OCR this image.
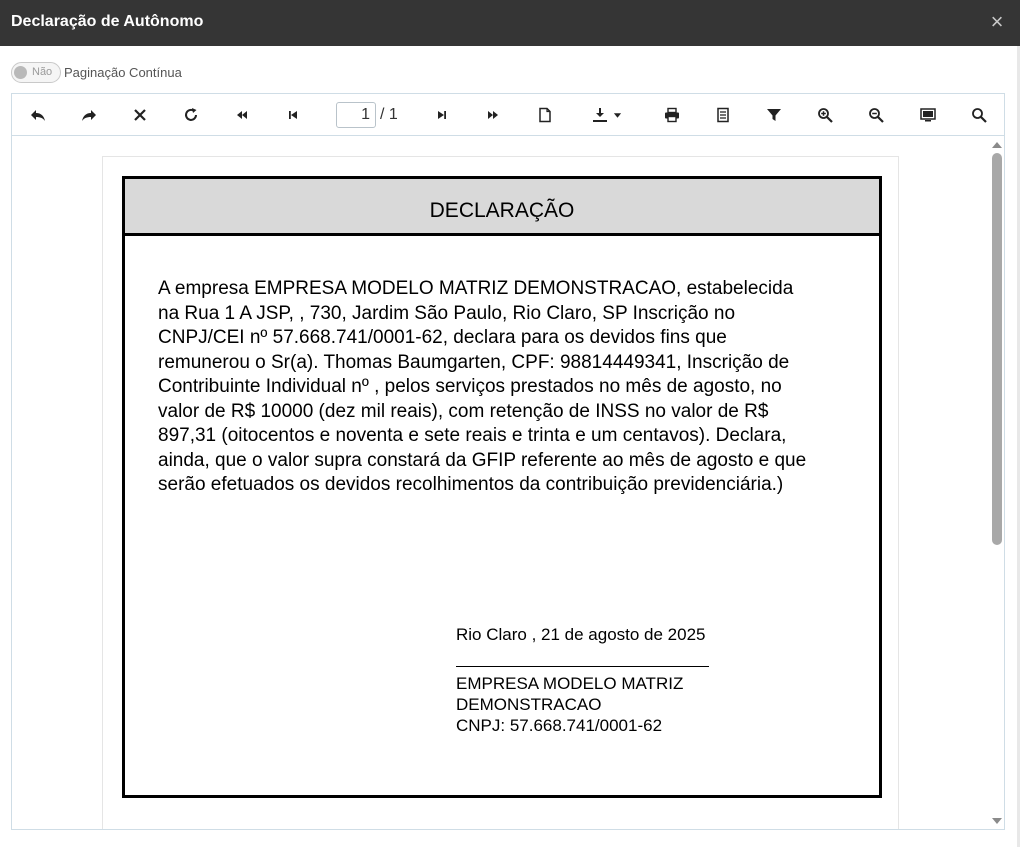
Declaração de Autônomo	×
Não Paginação Contínua
1
/ 1
DECLARAÇÃO
A empresa EMPRESA MODELO MATRIZ DEMONSTRACAO, estabelecida na Rua 1 A JSP, , 730, Jardim São Paulo, Rio Claro, SP Inscrição no CNPJ/CEI nº 57.668.741/0001-62, declara para os devidos fins que remunerou o Sr(a). Thomas Baumgarten, CPF: 98814449341, Inscrição de Contribuinte Individual nº , pelos serviços prestados no mês de agosto, no valor de R$ 10000 (dez mil reais), com retenção de INSS no valor de R$ 897,31 (oitocentos e noventa e sete reais e trinta e um centavos). Declara, ainda, que o valor supra constará da GFIP referente ao mês de agosto e que serão efetuados os devidos recolhimentos da contribuição previdenciária.)
Rio Claro , 21 de agosto de 2025
EMPRESA MODELO MATRIZ DEMONSTRACAO
CNPJ: 57.668.741/0001-62
